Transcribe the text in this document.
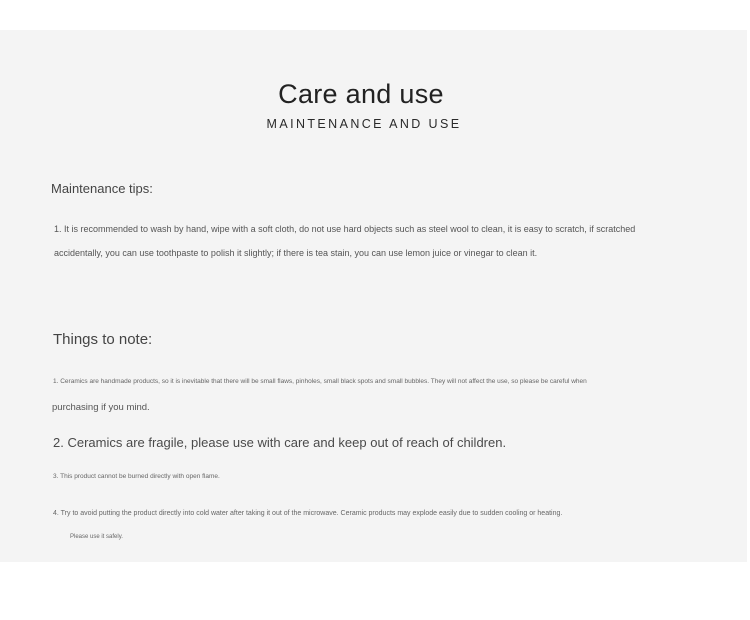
Care and use
MAINTENANCE AND USE
Maintenance tips:
1. It is recommended to wash by hand, wipe with a soft cloth, do not use hard objects such as steel wool to clean, it is easy to scratch, if scratched accidentally, you can use toothpaste to polish it slightly; if there is tea stain, you can use lemon juice or vinegar to clean it.
Things to note:
1. Ceramics are handmade products, so it is inevitable that there will be small flaws, pinholes, small black spots and small bubbles. They will not affect the use, so please be careful when
purchasing if you mind.
2. Ceramics are fragile, please use with care and keep out of reach of children.
3. This product cannot be burned directly with open flame.
4. Try to avoid putting the product directly into cold water after taking it out of the microwave. Ceramic products may explode easily due to sudden cooling or heating.
Please use it safely.
